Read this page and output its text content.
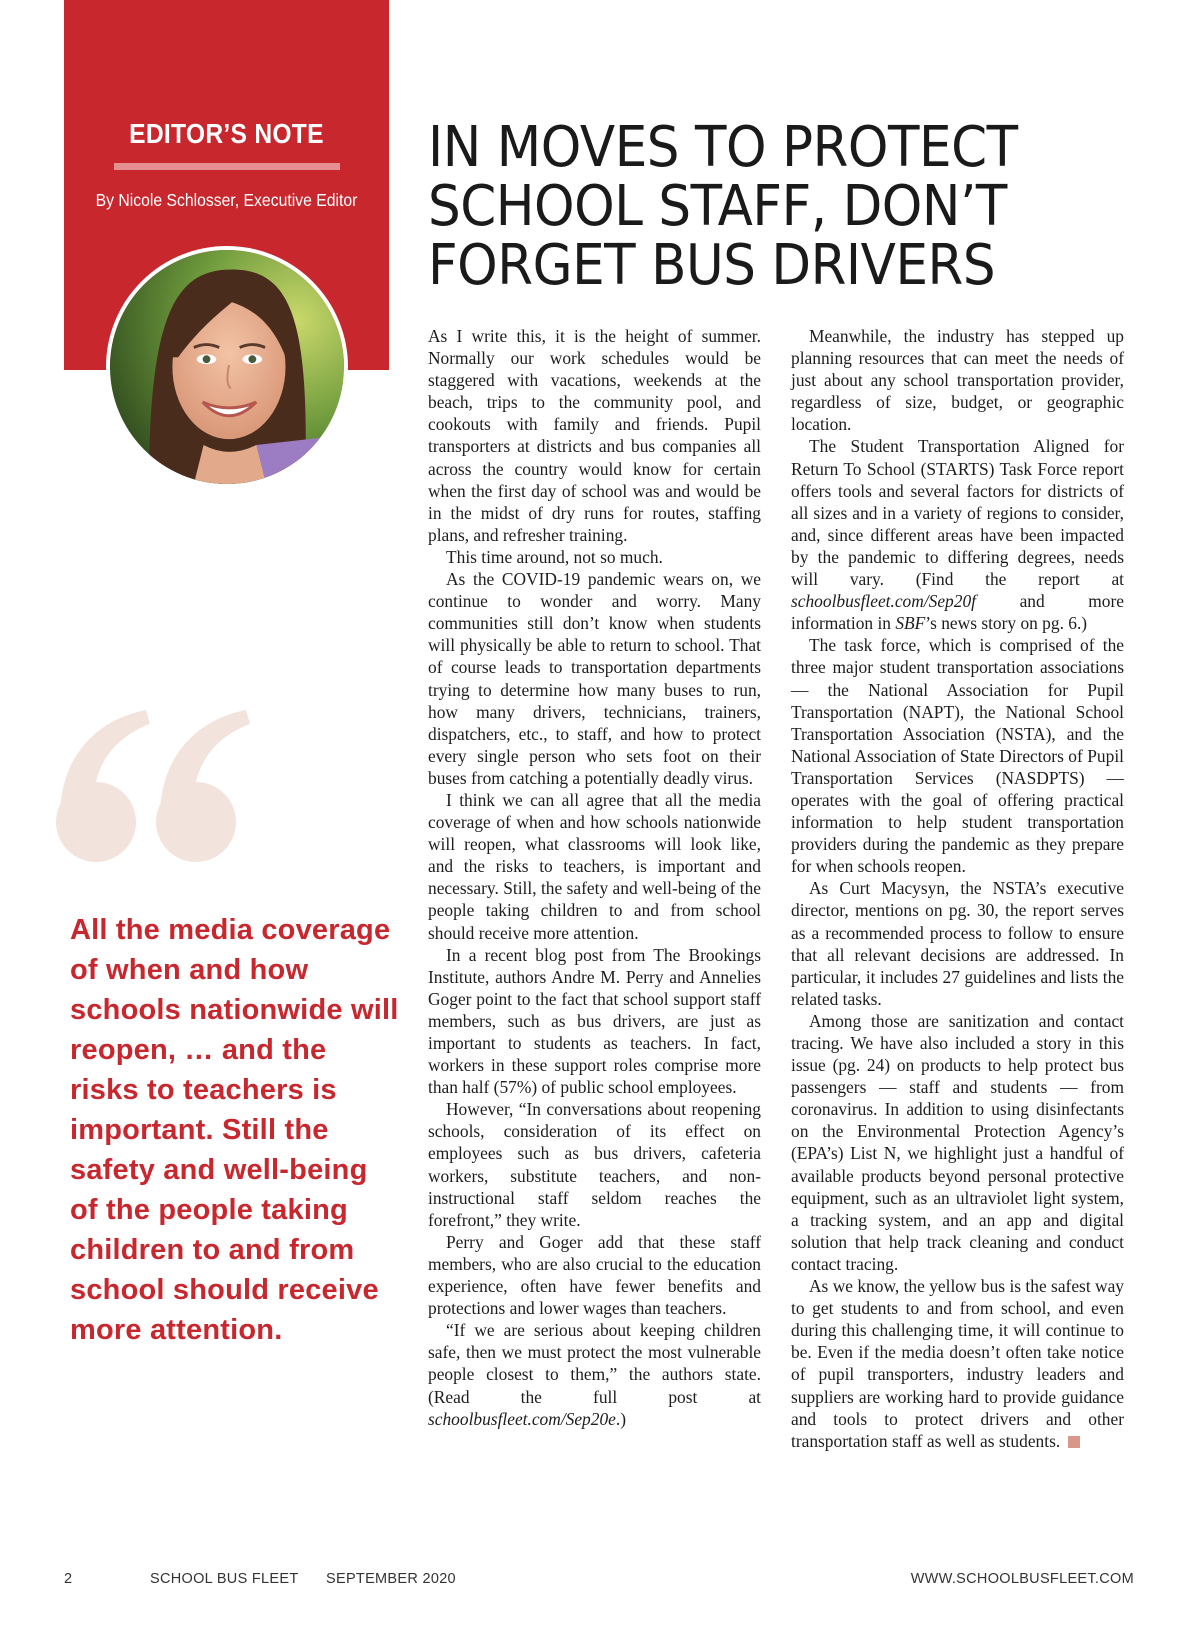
EDITOR’S NOTE
By Nicole Schlosser, Executive Editor
IN MOVES TO PROTECT
SCHOOL STAFF, DON’T
FORGET BUS DRIVERS

All the media coverage of when and how schools nationwide will reopen, … and the risks to teachers is important. Still the safety and well-being of the people taking children to and from school should receive more attention.

As I write this, it is the height of summer. Normally our work schedules would be staggered with vacations, weekends at the beach, trips to the community pool, and cookouts with family and friends. Pupil transporters at districts and bus companies all across the country would know for certain when the first day of school was and would be in the midst of dry runs for routes, staffing plans, and refresher training.

This time around, not so much.

As the COVID-19 pandemic wears on, we continue to wonder and worry. Many communities still don’t know when students will physically be able to return to school. That of course leads to transportation departments trying to determine how many buses to run, how many drivers, technicians, trainers, dispatchers, etc., to staff, and how to protect every single person who sets foot on their buses from catching a potentially deadly virus.

I think we can all agree that all the media coverage of when and how schools nationwide will reopen, what classrooms will look like, and the risks to teachers, is important and necessary. Still, the safety and well-being of the people taking children to and from school should receive more attention.

In a recent blog post from The Brookings Institute, authors Andre M. Perry and Annelies Goger point to the fact that school support staff members, such as bus drivers, are just as important to students as teachers. In fact, workers in these support roles comprise more than half (57%) of public school employees.

However, “In conversations about reopening schools, consideration of its effect on employees such as bus drivers, cafeteria workers, substitute teachers, and non-instructional staff seldom reaches the forefront,” they write.

Perry and Goger add that these staff members, who are also crucial to the education experience, often have fewer benefits and protections and lower wages than teachers.

“If we are serious about keeping children safe, then we must protect the most vulnerable people closest to them,” the authors state. (Read the full post at schoolbusfleet.com/Sep20e.)

Meanwhile, the industry has stepped up planning resources that can meet the needs of just about any school transportation provider, regardless of size, budget, or geographic location.

The Student Transportation Aligned for Return To School (STARTS) Task Force report offers tools and several factors for districts of all sizes and in a variety of regions to consider, and, since different areas have been impacted by the pandemic to differing degrees, needs will vary. (Find the report at schoolbusfleet.com/Sep20f and more information in SBF’s news story on pg. 6.)

The task force, which is comprised of the three major student transportation associations — the National Association for Pupil Transportation (NAPT), the National School Transportation Association (NSTA), and the National Association of State Directors of Pupil Transportation Services (NASDPTS) — operates with the goal of offering practical information to help student transportation providers during the pandemic as they prepare for when schools reopen.

As Curt Macysyn, the NSTA’s executive director, mentions on pg. 30, the report serves as a recommended process to follow to ensure that all relevant decisions are addressed. In particular, it includes 27 guidelines and lists the related tasks.

Among those are sanitization and contact tracing. We have also included a story in this issue (pg. 24) on products to help protect bus passengers — staff and students — from coronavirus. In addition to using disinfectants on the Environmental Protection Agency’s (EPA’s) List N, we highlight just a handful of available products beyond personal protective equipment, such as an ultraviolet light system, a tracking system, and an app and digital solution that help track cleaning and conduct contact tracing.

As we know, the yellow bus is the safest way to get students to and from school, and even during this challenging time, it will continue to be. Even if the media doesn’t often take notice of pupil transporters, industry leaders and suppliers are working hard to provide guidance and tools to protect drivers and other transportation staff as well as students.

2	SCHOOL BUS FLEET SEPTEMBER 2020	WWW.SCHOOLBUSFLEET.COM
